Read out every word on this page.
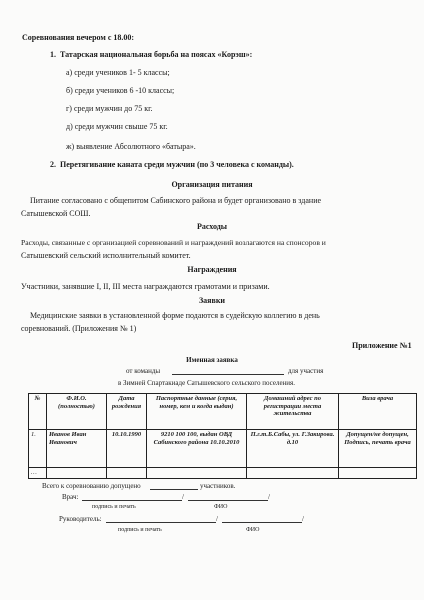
Соревнования вечером с 18.00:
1. Татарская национальная борьба на поясах «Корэш»:
а) среди учеников 1- 5 классы;
б) среди учеников 6 -10 классы;
г) среди мужчин до 75 кг.
д) среди мужчин свыше 75 кг.
ж) выявление Абсолютного «батыра».
2. Перетягивание каната среди мужчин (по 3 человека с команды).
Организация питания
Питание согласовано с общепитом Сабинского района и будет организовано в здание
Сатышевской СОШ.
Расходы
Расходы, связанные с организацией соревнований и награждений возлагаются на спонсоров и
Сатышевский сельский исполнительный комитет.
Награждения
Участники, занявшие I, II, III места награждаются грамотами и призами.
Заявки
Медицинские заявки в установленной форме подаются в судейскую коллегию в день
соревнований. (Приложения № 1)
Приложение №1
Именная заявка
от команды	для участия
в Зимней Спартакиаде Сатышевского сельского поселения.
№	Ф.И.О. (полностью)	Дата рождения	Паспортные данные (серия, номер, кем и когда выдан)	Домашний адрес по регистрации места жительства	Виза врача
1.	Иванов Иван Иванович	10.10.1990	9210 100 100, выдан ОВД Сабинского района 10.10.2010	П.г.т.Б.Сабы, ул. Г.Закирова. д.10	Допущен/не допущен, Подпись, печать врача
…					
Всего к соревнованию допущено	участников.
Врач:	/	/
подпись и печать	ФИО
Руководитель:	/	/
подпись и печать	ФИО
